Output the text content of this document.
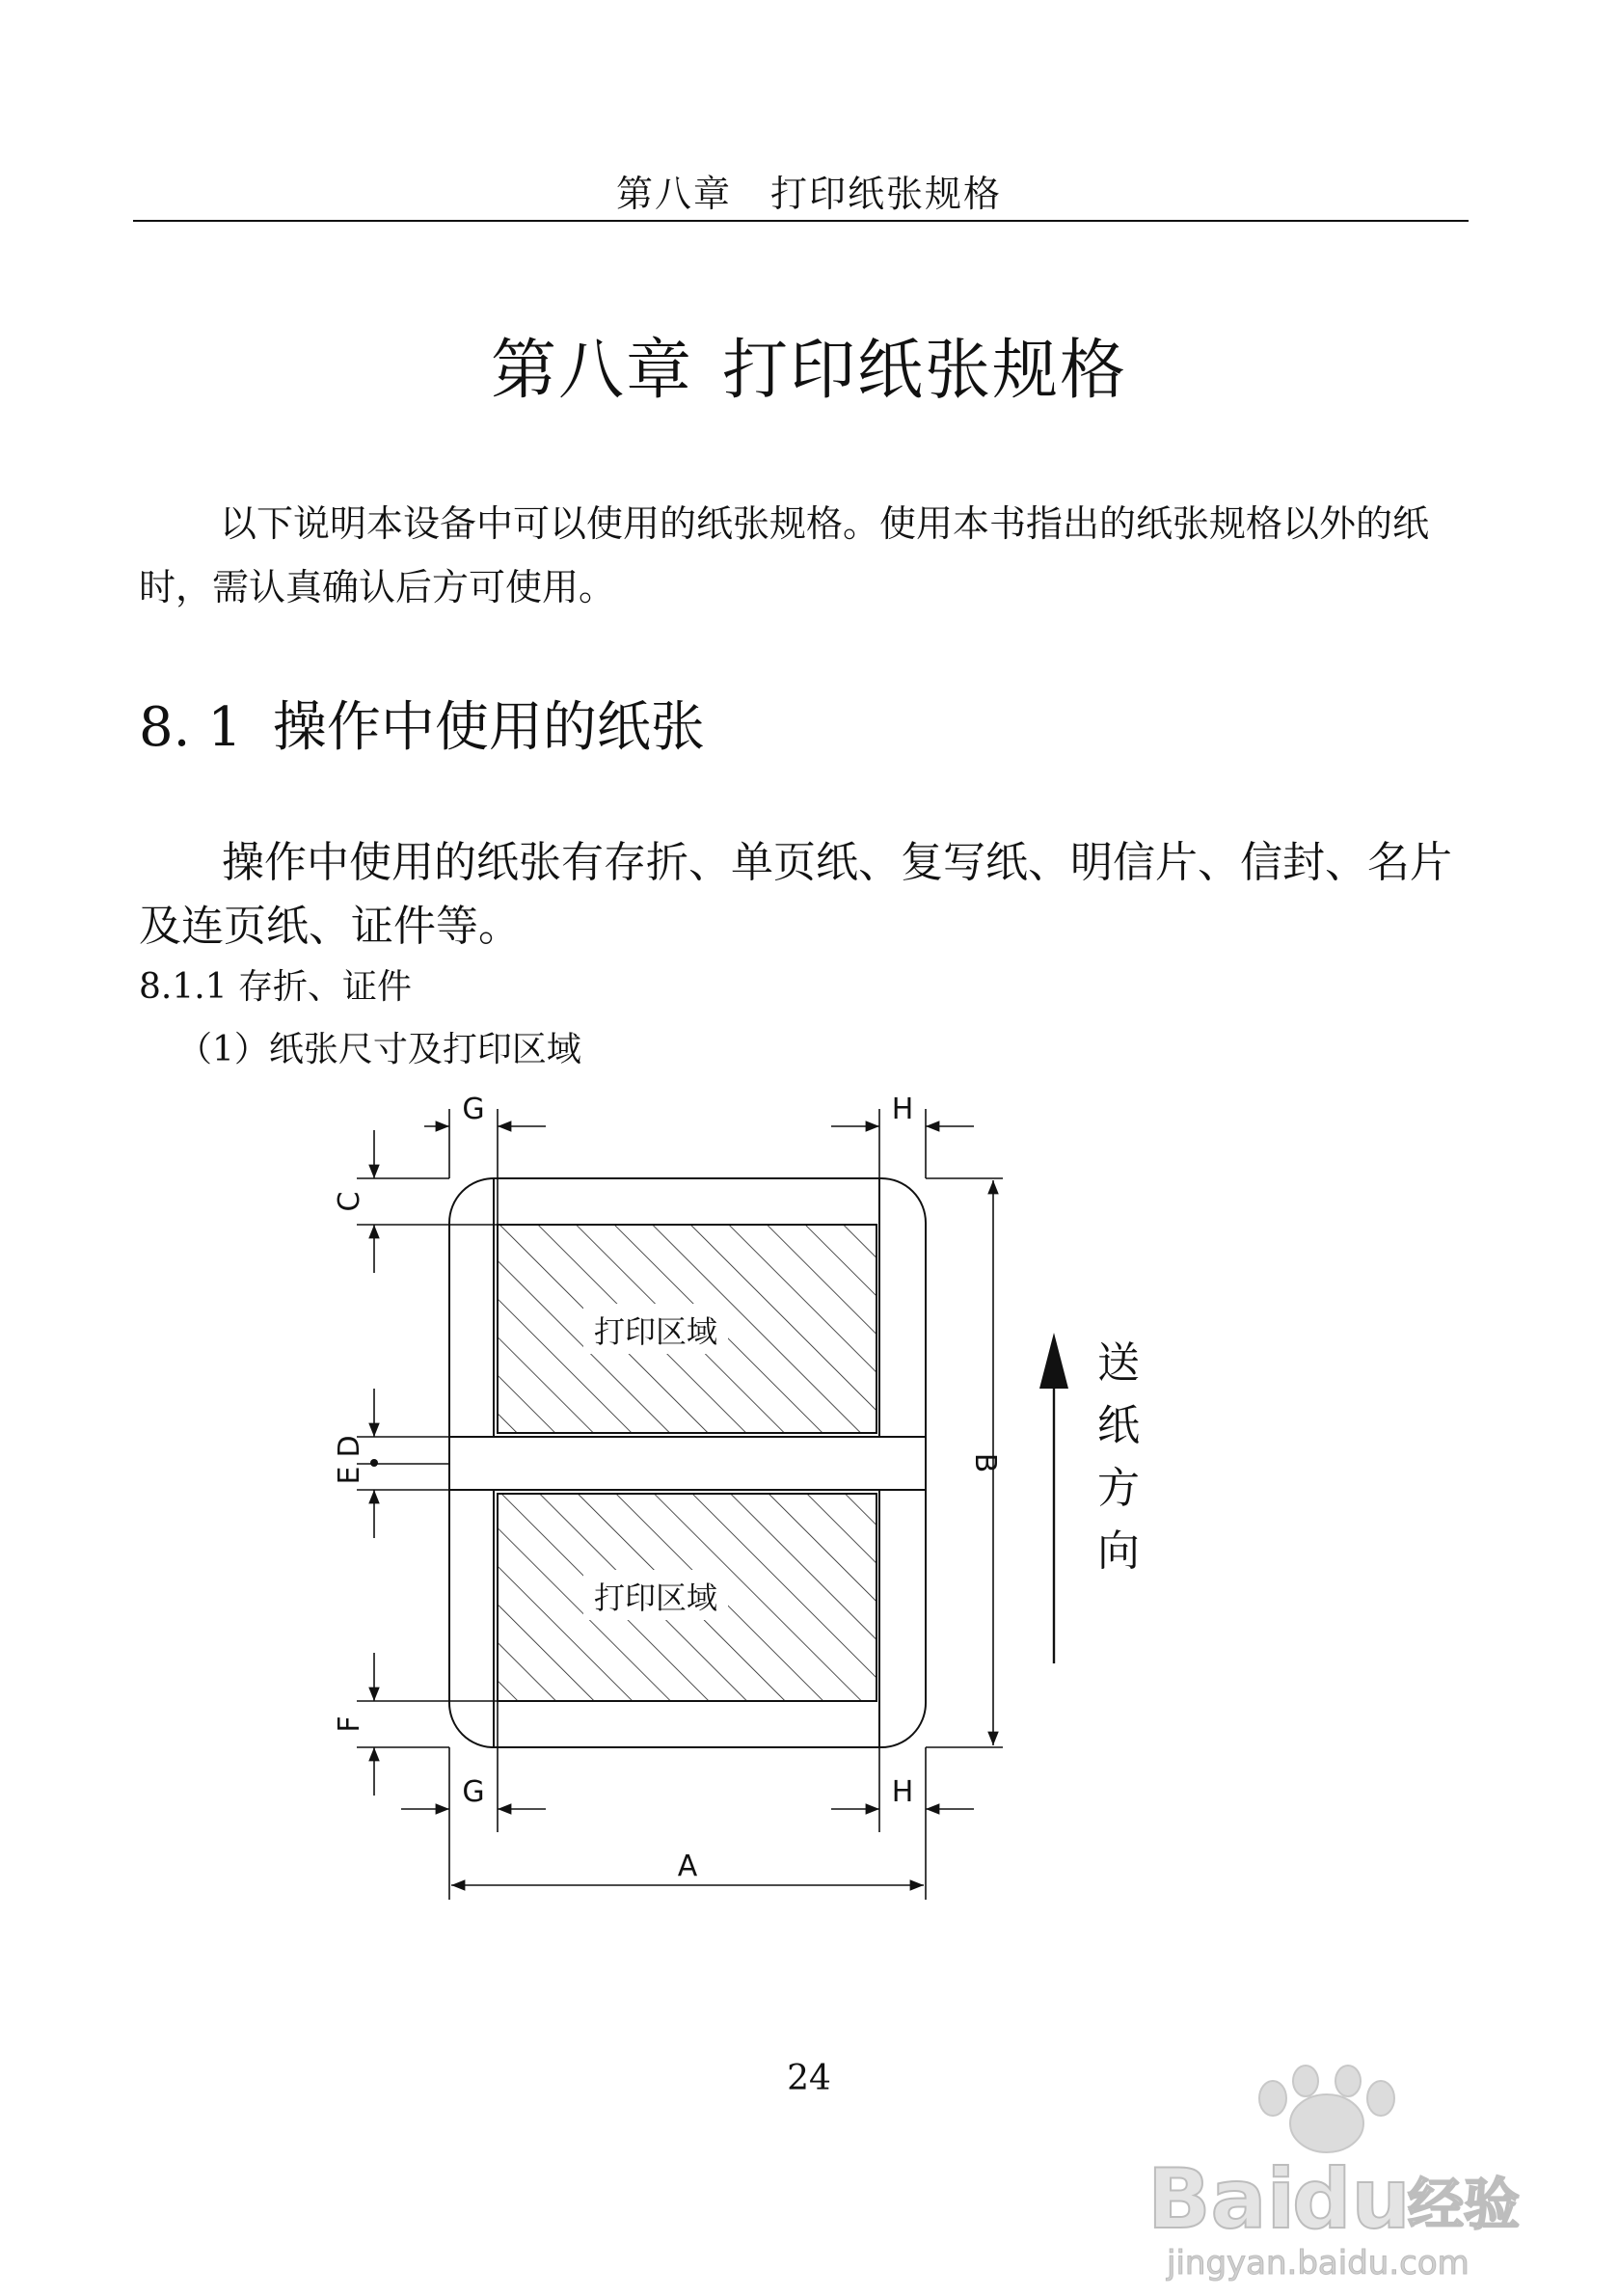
第八章 打印纸张规格
第八章 打印纸张规格
以下说明本设备中可以使用的纸张规格。使用本书指出的纸张规格以外的纸时，需认真确认后方可使用。
8. 1 操作中使用的纸张
操作中使用的纸张有存折、单页纸、复写纸、明信片、信封、名片及连页纸、证件等。
8.1.1 存折、证件
（1）纸张尺寸及打印区域
打印区域
打印区域
G	H
G	H
A
C
D
E
F
B
送
纸
方
向
24
Bai
du
经验
jingyan.baidu.com
